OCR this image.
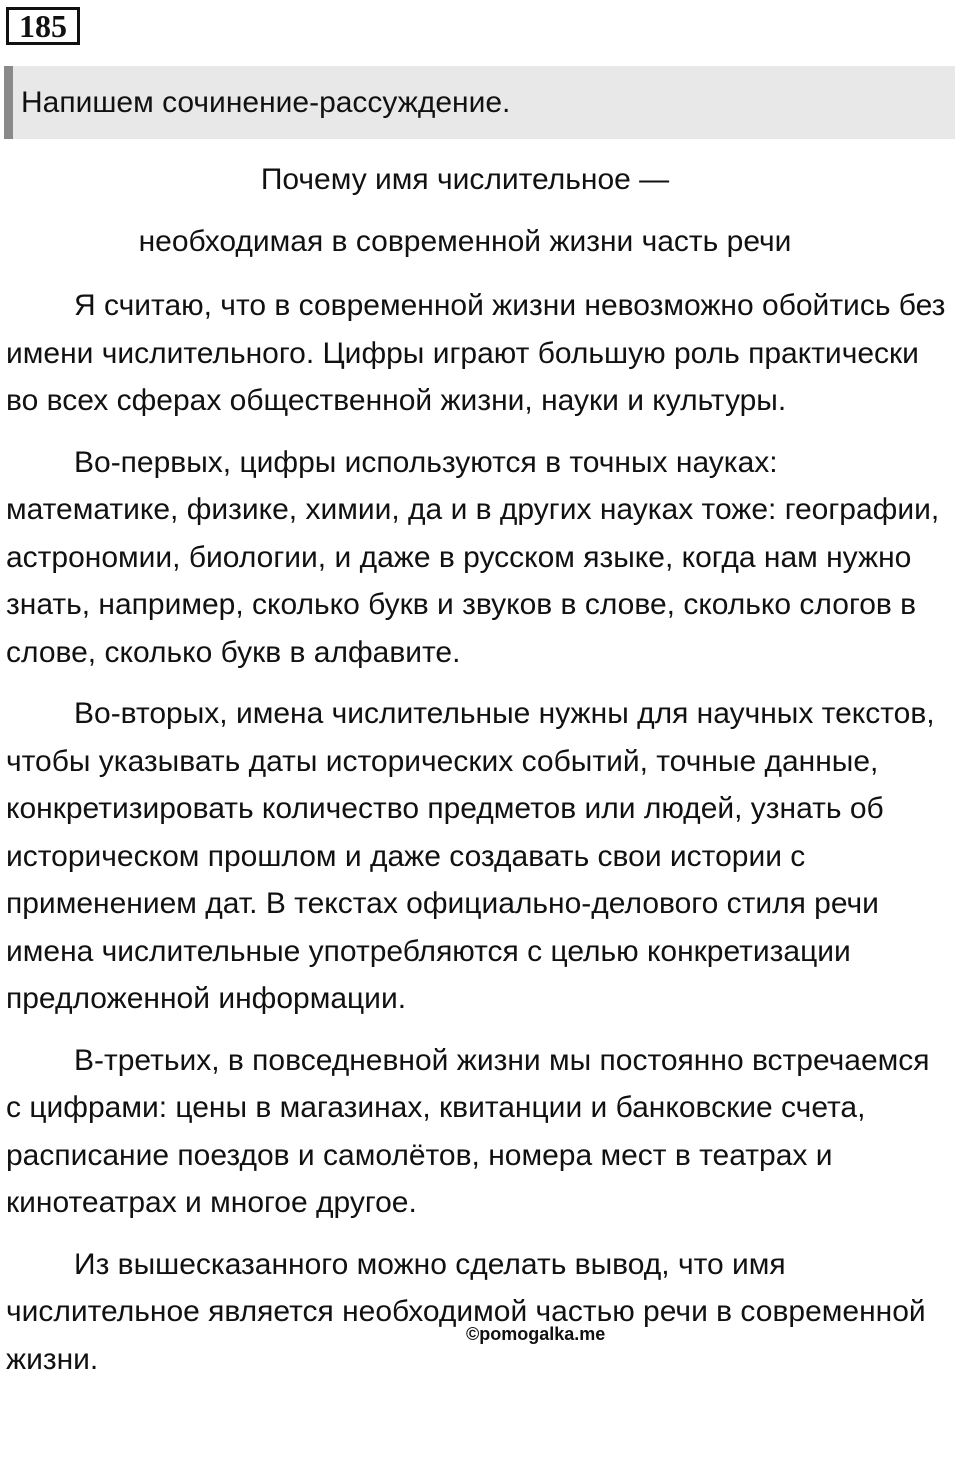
185
Напишем сочинение-рассуждение.
Почему имя числительное —
необходимая в современной жизни часть речи

Я считаю, что в современной жизни невозможно обойтись без имени числительного. Цифры играют большую роль практически во всех сферах общественной жизни, науки и культуры.

Во-первых, цифры используются в точных науках: математике, физике, химии, да и в других науках тоже: географии, астрономии, биологии, и даже в русском языке, когда нам нужно знать, например, сколько букв и звуков в слове, сколько слогов в слове, сколько букв в алфавите.

Во-вторых, имена числительные нужны для научных текстов, чтобы указывать даты исторических событий, точные данные, конкретизировать количество предметов или людей, узнать об историческом прошлом и даже создавать свои истории с применением дат. В текстах официально-делового стиля речи имена числительные употребляются с целью конкретизации предложенной информации.

В-третьих, в повседневной жизни мы постоянно встречаемся с цифрами: цены в магазинах, квитанции и банковские счета, расписание поездов и самолётов, номера мест в театрах и кинотеатрах и многое другое.

Из вышесказанного можно сделать вывод, что имя числительное является необходимой частью речи в современной жизни.

©pomogalka.me
